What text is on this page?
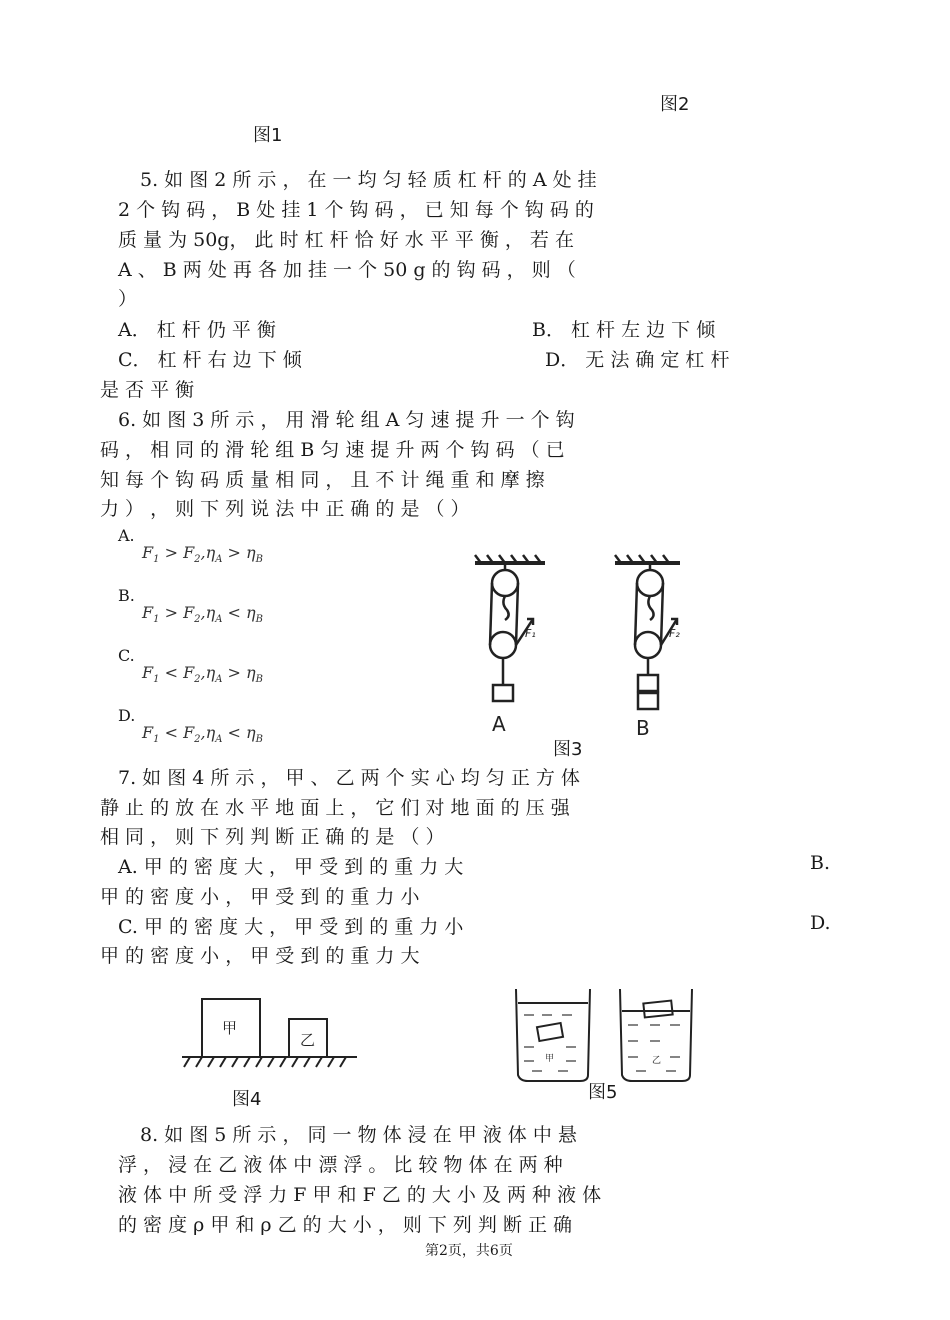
图2
图1
5. 如 图 2 所 示 ， 在 一 均 匀 轻 质 杠 杆 的 A 处 挂
2 个 钩 码 ， B 处 挂 1 个 钩 码 ， 已 知 每 个 钩 码 的
质 量 为 50g， 此 时 杠 杆 恰 好 水 平 平 衡 ， 若 在
A 、 B 两 处 再 各 加 挂 一 个 50 g 的 钩 码 ， 则 （
）
A． 杠 杆 仍 平 衡	B． 杠 杆 左 边 下 倾
C． 杠 杆 右 边 下 倾	D． 无 法 确 定 杠 杆
是 否 平 衡
6. 如 图 3 所 示 ， 用 滑 轮 组 A 匀 速 提 升 一 个 钩
码 ， 相 同 的 滑 轮 组 B 匀 速 提 升 两 个 钩 码 （ 已
知 每 个 钩 码 质 量 相 同 ， 且 不 计 绳 重 和 摩 擦
力 ） ， 则 下 列 说 法 中 正 确 的 是 （ ）
A.
$F_1 > F_2,\eta_A > \eta_B$
B.
$F_1 > F_2,\eta_A < \eta_B$
C.
$F_1 < F_2,\eta_A > \eta_B$
D.
$F_1 < F_2,\eta_A < \eta_B$
F₁	F₂
A	B
图3
7. 如 图 4 所 示 ， 甲 、 乙 两 个 实 心 均 匀 正 方 体
静 止 的 放 在 水 平 地 面 上 ， 它 们 对 地 面 的 压 强
相 同 ， 则 下 列 判 断 正 确 的 是 （ ）
A. 甲 的 密 度 大 ， 甲 受 到 的 重 力 大	B.
甲 的 密 度 小 ， 甲 受 到 的 重 力 小
C. 甲 的 密 度 大 ， 甲 受 到 的 重 力 小	D.
甲 的 密 度 小 ， 甲 受 到 的 重 力 大
甲
乙
图4
甲	乙
图5
8. 如 图 5 所 示 ， 同 一 物 体 浸 在 甲 液 体 中 悬
浮 ， 浸 在 乙 液 体 中 漂 浮 。 比 较 物 体 在 两 种
液 体 中 所 受 浮 力 F 甲 和 F 乙 的 大 小 及 两 种 液 体
的 密 度 ρ 甲 和 ρ 乙 的 大 小 ， 则 下 列 判 断 正 确
第2页，共6页
